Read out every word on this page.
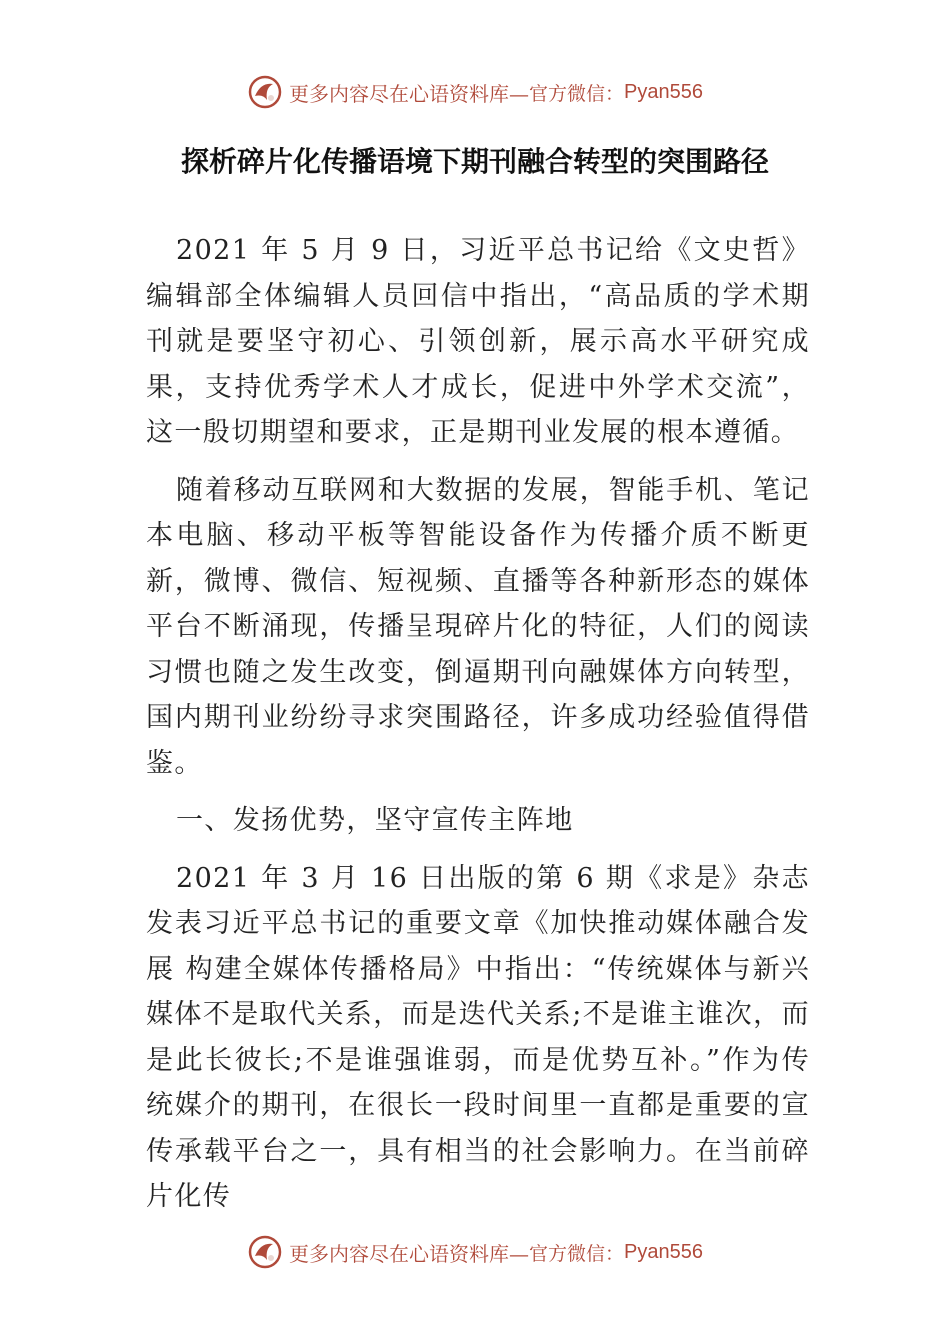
更多内容尽在心语资料库— 官方微信： Pyan556
探析碎片化传播语境下期刊融合转型的突围路径

2021 年 5 月 9 日，习近平总书记给《文史哲》编辑部全体编辑人员回信中指出，“高品质的学术期刊就是要坚守初心、引领创新，展示高水平研究成果，支持优秀学术人才成长，促进中外学术交流”，这一殷切期望和要求，正是期刊业发展的根本遵循。

随着移动互联网和大数据的发展，智能手机、笔记本电脑、移动平板等智能设备作为传播介质不断更新，微博、微信、短视频、直播等各种新形态的媒体平台不断涌现，传播呈現碎片化的特征，人们的阅读习惯也随之发生改变，倒逼期刊向融媒体方向转型，国内期刊业纷纷寻求突围路径，许多成功经验值得借鉴。

一、发扬优势，坚守宣传主阵地

2021 年 3 月 16 日出版的第 6 期《求是》杂志发表习近平总书记的重要文章《加快推动媒体融合发展 构建全媒体传播格局》中指出：“传统媒体与新兴媒体不是取代关系，而是迭代关系;不是谁主谁次，而是此长彼长;不是谁强谁弱，而是优势互补。”作为传统媒介的期刊，在很长一段时间里一直都是重要的宣传承载平台之一，具有相当的社会影响力。在当前碎片化传

更多内容尽在心语资料库— 官方微信： Pyan556
